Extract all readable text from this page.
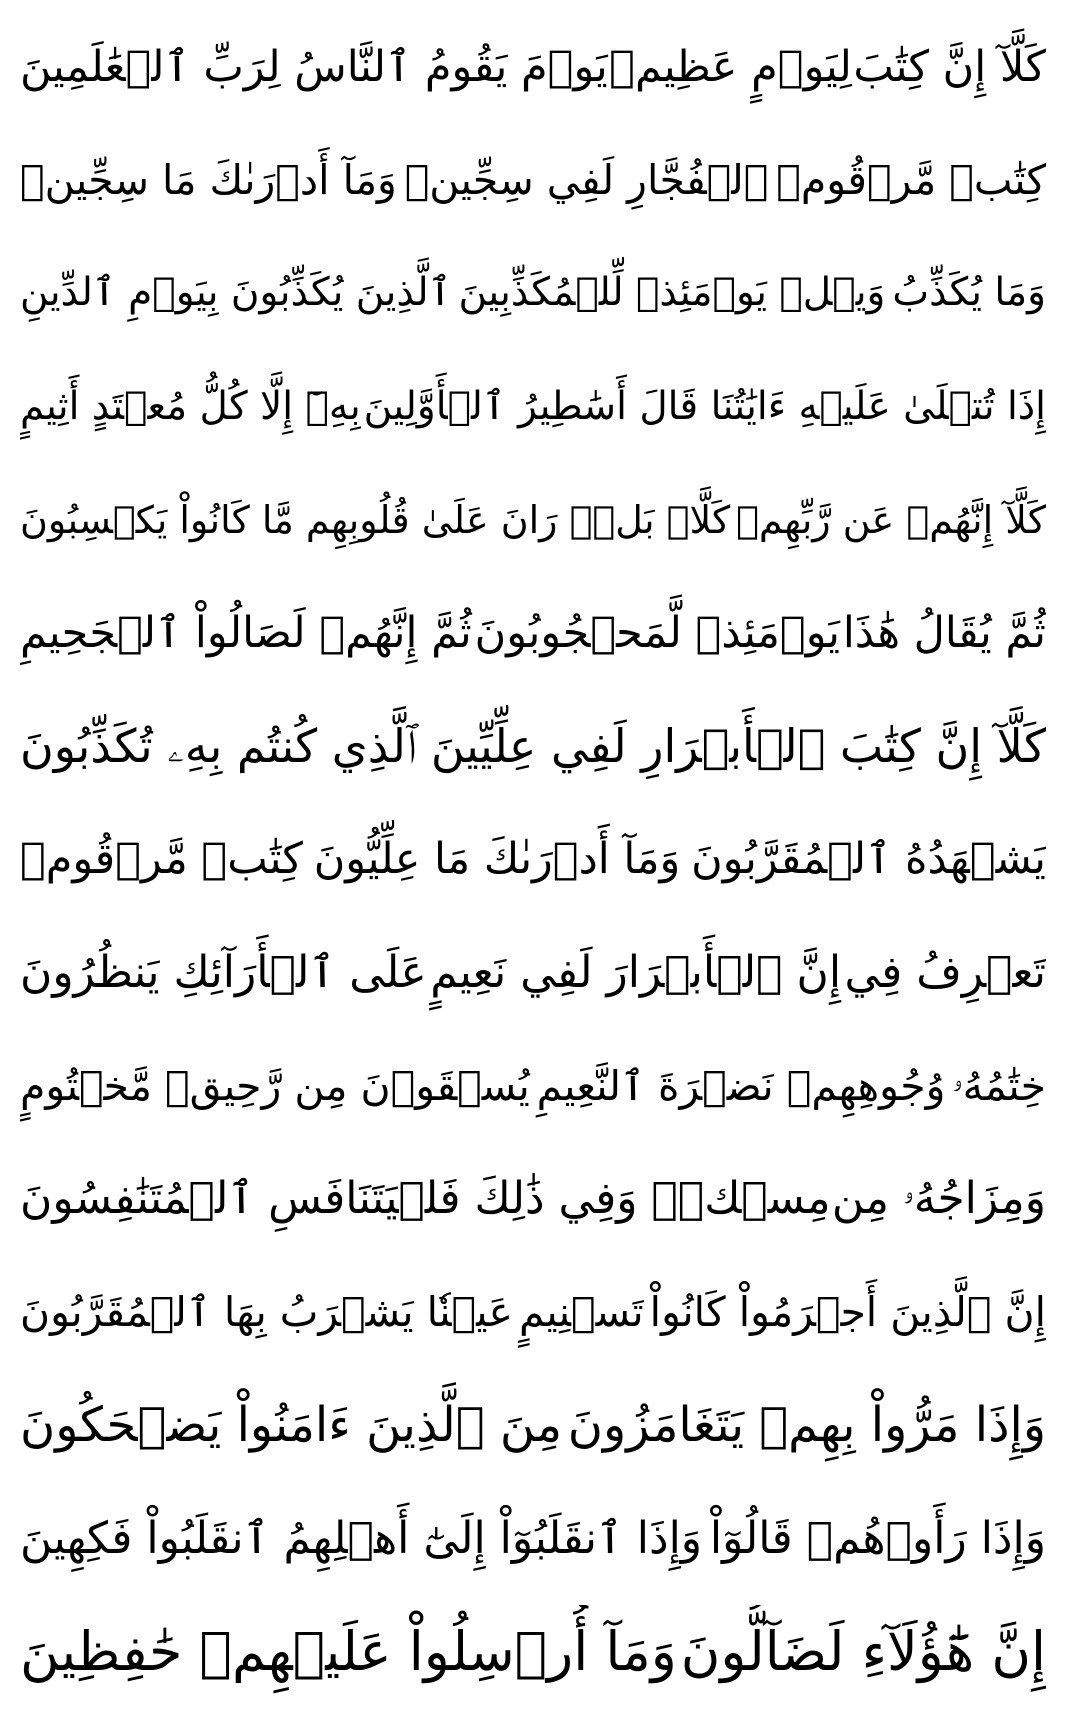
كَلَّآ إِنَّ كِتَٰبَ
لِيَوۡمٍ عَظِيمٖ
يَوۡمَ يَقُومُ ٱلنَّاسُ لِرَبِّ ٱلۡعَٰلَمِينَ
كِتَٰبٞ مَّرۡقُومٞ
ٱلۡفُجَّارِ لَفِي سِجِّينٖ
وَمَآ أَدۡرَىٰكَ مَا سِجِّينٞ
وَمَا يُكَذِّبُ
وَيۡلٞ يَوۡمَئِذٖ لِّلۡمُكَذِّبِينَ
ٱلَّذِينَ يُكَذِّبُونَ بِيَوۡمِ ٱلدِّينِ
إِذَا تُتۡلَىٰ عَلَيۡهِ ءَايَٰتُنَا قَالَ أَسَٰطِيرُ ٱلۡأَوَّلِينَ
بِهِۦٓ إِلَّا كُلُّ مُعۡتَدٍ أَثِيمٍ
كَلَّآ إِنَّهُمۡ عَن رَّبِّهِمۡ
كَلَّاۖ بَلۡۜ رَانَ عَلَىٰ قُلُوبِهِم مَّا كَانُواْ يَكۡسِبُونَ
ثُمَّ يُقَالُ هَٰذَا
يَوۡمَئِذٖ لَّمَحۡجُوبُونَ
ثُمَّ إِنَّهُمۡ لَصَالُواْ ٱلۡجَحِيمِ
كَلَّآ إِنَّ كِتَٰبَ ٱلۡأَبۡرَارِ لَفِي عِلِّيِّينَ
ٱلَّذِي كُنتُم بِهِۦ تُكَذِّبُونَ
يَشۡهَدُهُ ٱلۡمُقَرَّبُونَ
وَمَآ أَدۡرَىٰكَ مَا عِلِّيُّونَ
كِتَٰبٞ مَّرۡقُومٞ
تَعۡرِفُ فِي
إِنَّ ٱلۡأَبۡرَارَ لَفِي نَعِيمٍ
عَلَى ٱلۡأَرَآئِكِ يَنظُرُونَ
خِتَٰمُهُۥ
وُجُوهِهِمۡ نَضۡرَةَ ٱلنَّعِيمِ
يُسۡقَوۡنَ مِن رَّحِيقٖ مَّخۡتُومٍ
وَمِزَاجُهُۥ مِن
مِسۡكٞۚ وَفِي ذَٰلِكَ فَلۡيَتَنَافَسِ ٱلۡمُتَنَٰفِسُونَ
إِنَّ ٱلَّذِينَ أَجۡرَمُواْ كَانُواْ
تَسۡنِيمٍ
عَيۡنٗا يَشۡرَبُ بِهَا ٱلۡمُقَرَّبُونَ
وَإِذَا مَرُّواْ بِهِمۡ يَتَغَامَزُونَ
مِنَ ٱلَّذِينَ ءَامَنُواْ يَضۡحَكُونَ
وَإِذَا رَأَوۡهُمۡ قَالُوٓاْ
وَإِذَا ٱنقَلَبُوٓاْ إِلَىٰٓ أَهۡلِهِمُ ٱنقَلَبُواْ فَكِهِينَ
إِنَّ هَٰٓؤُلَآءِ لَضَآلُّونَ
وَمَآ أُرۡسِلُواْ عَلَيۡهِمۡ حَٰفِظِينَ
